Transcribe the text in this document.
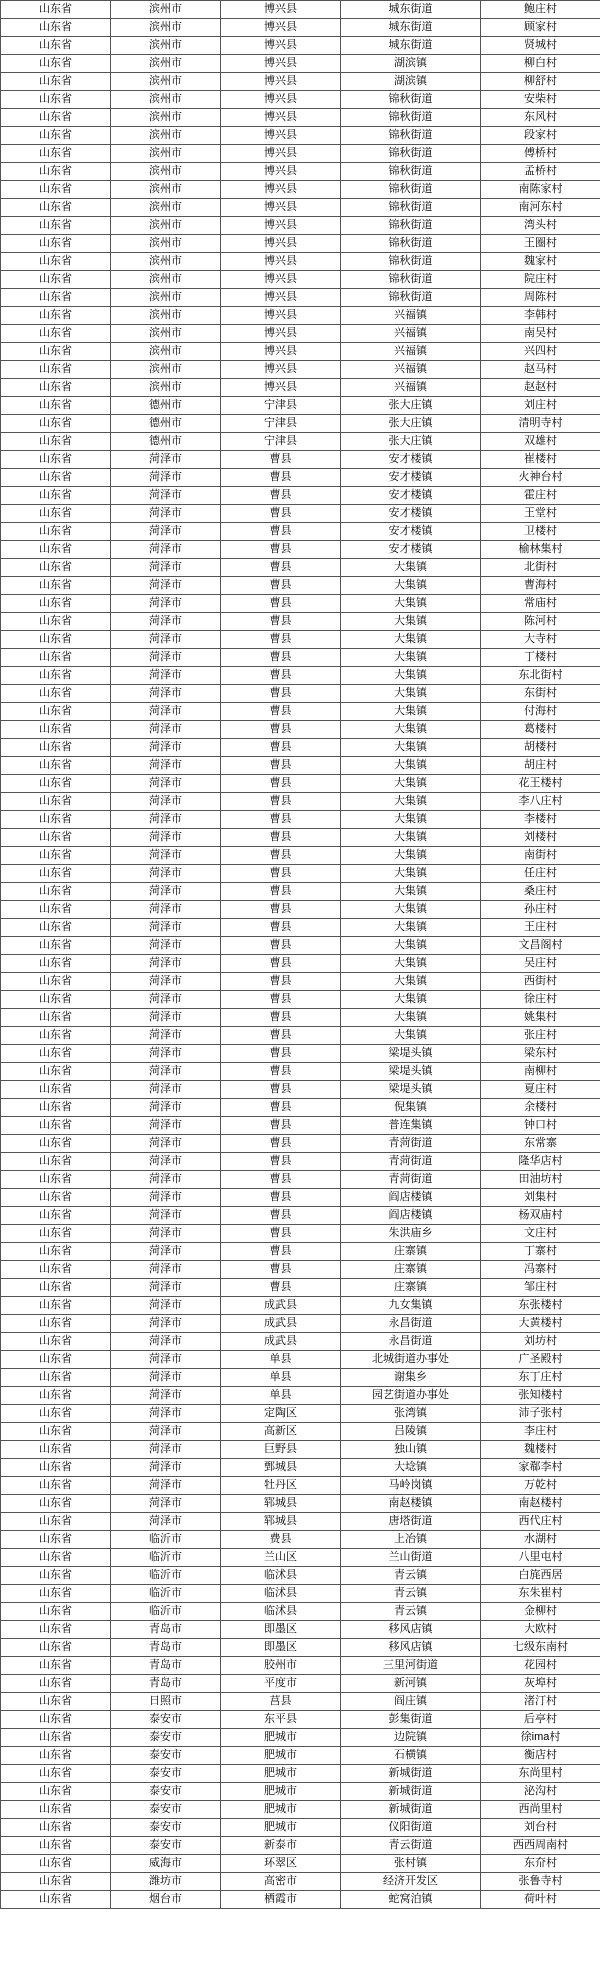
山东省	滨州市	博兴县	城东街道	鲍庄村
山东省	滨州市	博兴县	城东街道	顾家村
山东省	滨州市	博兴县	城东街道	贤城村
山东省	滨州市	博兴县	湖滨镇	柳白村
山东省	滨州市	博兴县	湖滨镇	柳舒村
山东省	滨州市	博兴县	锦秋街道	安柴村
山东省	滨州市	博兴县	锦秋街道	东风村
山东省	滨州市	博兴县	锦秋街道	段家村
山东省	滨州市	博兴县	锦秋街道	傅桥村
山东省	滨州市	博兴县	锦秋街道	孟桥村
山东省	滨州市	博兴县	锦秋街道	南陈家村
山东省	滨州市	博兴县	锦秋街道	南河东村
山东省	滨州市	博兴县	锦秋街道	湾头村
山东省	滨州市	博兴县	锦秋街道	王圈村
山东省	滨州市	博兴县	锦秋街道	魏家村
山东省	滨州市	博兴县	锦秋街道	院庄村
山东省	滨州市	博兴县	锦秋街道	周陈村
山东省	滨州市	博兴县	兴福镇	李韩村
山东省	滨州市	博兴县	兴福镇	南吴村
山东省	滨州市	博兴县	兴福镇	兴四村
山东省	滨州市	博兴县	兴福镇	赵马村
山东省	滨州市	博兴县	兴福镇	赵赵村
山东省	德州市	宁津县	张大庄镇	刘庄村
山东省	德州市	宁津县	张大庄镇	清明寺村
山东省	德州市	宁津县	张大庄镇	双雄村
山东省	菏泽市	曹县	安才楼镇	崔楼村
山东省	菏泽市	曹县	安才楼镇	火神台村
山东省	菏泽市	曹县	安才楼镇	霍庄村
山东省	菏泽市	曹县	安才楼镇	王堂村
山东省	菏泽市	曹县	安才楼镇	卫楼村
山东省	菏泽市	曹县	安才楼镇	榆林集村
山东省	菏泽市	曹县	大集镇	北街村
山东省	菏泽市	曹县	大集镇	曹海村
山东省	菏泽市	曹县	大集镇	常庙村
山东省	菏泽市	曹县	大集镇	陈河村
山东省	菏泽市	曹县	大集镇	大寺村
山东省	菏泽市	曹县	大集镇	丁楼村
山东省	菏泽市	曹县	大集镇	东北街村
山东省	菏泽市	曹县	大集镇	东街村
山东省	菏泽市	曹县	大集镇	付海村
山东省	菏泽市	曹县	大集镇	葛楼村
山东省	菏泽市	曹县	大集镇	胡楼村
山东省	菏泽市	曹县	大集镇	胡庄村
山东省	菏泽市	曹县	大集镇	花王楼村
山东省	菏泽市	曹县	大集镇	李八庄村
山东省	菏泽市	曹县	大集镇	李楼村
山东省	菏泽市	曹县	大集镇	刘楼村
山东省	菏泽市	曹县	大集镇	南街村
山东省	菏泽市	曹县	大集镇	任庄村
山东省	菏泽市	曹县	大集镇	桑庄村
山东省	菏泽市	曹县	大集镇	孙庄村
山东省	菏泽市	曹县	大集镇	王庄村
山东省	菏泽市	曹县	大集镇	文昌阁村
山东省	菏泽市	曹县	大集镇	吴庄村
山东省	菏泽市	曹县	大集镇	西街村
山东省	菏泽市	曹县	大集镇	徐庄村
山东省	菏泽市	曹县	大集镇	姚集村
山东省	菏泽市	曹县	大集镇	张庄村
山东省	菏泽市	曹县	梁堤头镇	梁东村
山东省	菏泽市	曹县	梁堤头镇	南柳村
山东省	菏泽市	曹县	梁堤头镇	夏庄村
山东省	菏泽市	曹县	倪集镇	余楼村
山东省	菏泽市	曹县	普连集镇	钟口村
山东省	菏泽市	曹县	青菏街道	东常寨
山东省	菏泽市	曹县	青菏街道	隆华店村
山东省	菏泽市	曹县	青菏街道	田油坊村
山东省	菏泽市	曹县	阎店楼镇	刘集村
山东省	菏泽市	曹县	阎店楼镇	杨双庙村
山东省	菏泽市	曹县	朱洪庙乡	文庄村
山东省	菏泽市	曹县	庄寨镇	丁寨村
山东省	菏泽市	曹县	庄寨镇	冯寨村
山东省	菏泽市	曹县	庄寨镇	邹庄村
山东省	菏泽市	成武县	九女集镇	东张楼村
山东省	菏泽市	成武县	永昌街道	大黄楼村
山东省	菏泽市	成武县	永昌街道	刘坊村
山东省	菏泽市	单县	北城街道办事处	广圣殿村
山东省	菏泽市	单县	谢集乡	东丁庄村
山东省	菏泽市	单县	园艺街道办事处	张知楼村
山东省	菏泽市	定陶区	张湾镇	沛子张村
山东省	菏泽市	高新区	吕陵镇	李庄村
山东省	菏泽市	巨野县	独山镇	魏楼村
山东省	菏泽市	鄄城县	大埝镇	家郗李村
山东省	菏泽市	牡丹区	马岭岗镇	万乾村
山东省	菏泽市	郓城县	南赵楼镇	南赵楼村
山东省	菏泽市	郓城县	唐塔街道	西代庄村
山东省	临沂市	费县	上冶镇	水湖村
山东省	临沂市	兰山区	兰山街道	八里屯村
山东省	临沂市	临沭县	青云镇	白旄西居
山东省	临沂市	临沭县	青云镇	东朱崔村
山东省	临沂市	临沭县	青云镇	金柳村
山东省	青岛市	即墨区	移风店镇	大欧村
山东省	青岛市	即墨区	移风店镇	七级东南村
山东省	青岛市	胶州市	三里河街道	花园村
山东省	青岛市	平度市	新河镇	灰埠村
山东省	日照市	莒县	阎庄镇	渚汀村
山东省	泰安市	东平县	彭集街道	后亭村
山东省	泰安市	肥城市	边院镇	徐ima村
山东省	泰安市	肥城市	石横镇	衡店村
山东省	泰安市	肥城市	新城街道	东尚里村
山东省	泰安市	肥城市	新城街道	泌沟村
山东省	泰安市	肥城市	新城街道	西尚里村
山东省	泰安市	肥城市	仪阳街道	刘台村
山东省	泰安市	新泰市	青云街道	西西周南村
山东省	威海市	环翠区	张村镇	东夼村
山东省	潍坊市	高密市	经济开发区	张鲁寺村
山东省	烟台市	栖霞市	蛇窝泊镇	荷叶村
